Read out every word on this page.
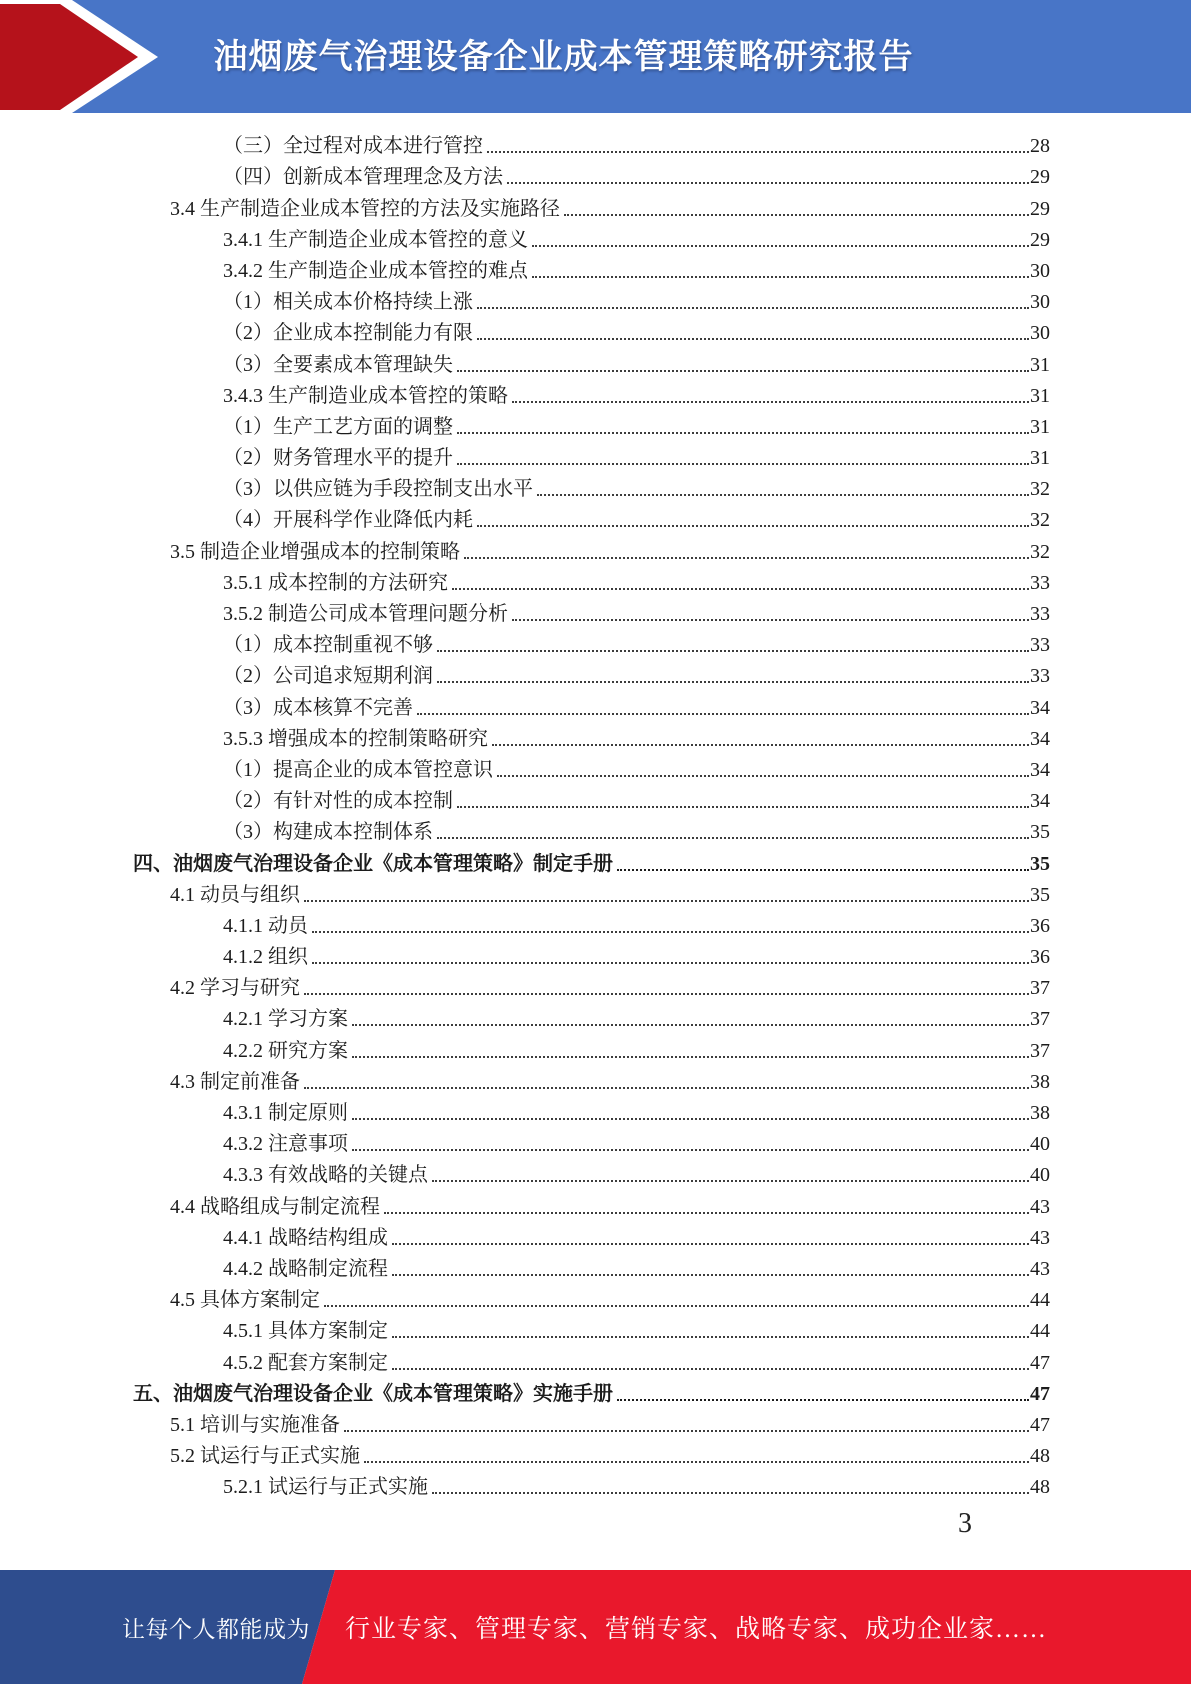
油烟废气治理设备企业成本管理策略研究报告
（三）全过程对成本进行管控	28
（四）创新成本管理理念及方法	29
3.4 生产制造企业成本管控的方法及实施路径	29
3.4.1 生产制造企业成本管控的意义	29
3.4.2 生产制造企业成本管控的难点	30
（1）相关成本价格持续上涨	30
（2）企业成本控制能力有限	30
（3）全要素成本管理缺失	31
3.4.3 生产制造业成本管控的策略	31
（1）生产工艺方面的调整	31
（2）财务管理水平的提升	31
（3）以供应链为手段控制支出水平	32
（4）开展科学作业降低内耗	32
3.5 制造企业增强成本的控制策略	32
3.5.1 成本控制的方法研究	33
3.5.2 制造公司成本管理问题分析	33
（1）成本控制重视不够	33
（2）公司追求短期利润	33
（3）成本核算不完善	34
3.5.3 增强成本的控制策略研究	34
（1）提高企业的成本管控意识	34
（2）有针对性的成本控制	34
（3）构建成本控制体系	35
四、油烟废气治理设备企业《成本管理策略》制定手册	35
4.1 动员与组织	35
4.1.1 动员	36
4.1.2 组织	36
4.2 学习与研究	37
4.2.1 学习方案	37
4.2.2 研究方案	37
4.3 制定前准备	38
4.3.1 制定原则	38
4.3.2 注意事项	40
4.3.3 有效战略的关键点	40
4.4 战略组成与制定流程	43
4.4.1 战略结构组成	43
4.4.2 战略制定流程	43
4.5 具体方案制定	44
4.5.1 具体方案制定	44
4.5.2 配套方案制定	47
五、油烟废气治理设备企业《成本管理策略》实施手册	47
5.1 培训与实施准备	47
5.2 试运行与正式实施	48
5.2.1 试运行与正式实施	48
3
让每个人都能成为 行业专家、管理专家、营销专家、战略专家、成功企业家……
